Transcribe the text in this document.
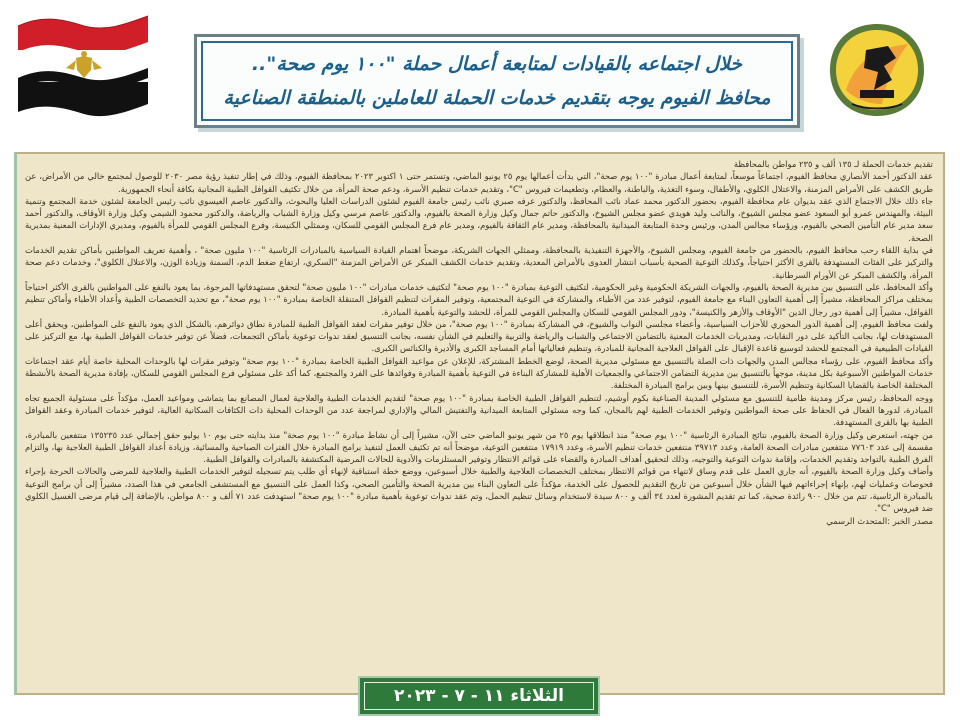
خلال اجتماعه بالقيادات لمتابعة أعمال حملة "١٠٠ يوم صحة"..
محافظ الفيوم يوجه بتقديم خدمات الحملة للعاملين بالمنطقة الصناعية

تقديم خدمات الحملة لـ ١٣٥ ألف و ٢٣٥ مواطن بالمحافظة

عقد الدكتور أحمد الأنصاري محافظ الفيوم، اجتماعاً موسعاً، لمتابعة أعمال مبادرة "١٠٠ يوم صحة"، التي بدأت أعمالها يوم ٢٥ يونيو الماضي، وتستمر حتى ١ اكتوبر ٢٠٢٣ بمحافظة الفيوم، وذلك في إطار تنفيذ رؤية مصر ٢٠٣٠ للوصول لمجتمع خالي من الأمراض، عن طريق الكشف على الأمراض المزمنة، والاعتلال الكلوي، والأطفال، وسوء التغذية، والباطنة، والعظام، وتطعيمات فيروس "C"، وتقديم خدمات تنظيم الأسرة، ودعم صحة المرأة، من خلال تكثيف القوافل الطبية المجانية بكافة أنحاء الجمهورية.

جاء ذلك خلال الاجتماع الذي عقد بديوان عام محافظة الفيوم، بحضور الدكتور محمد عماد نائب المحافظ، والدكتور عرفه صبري نائب رئيس جامعة الفيوم لشئون الدراسات العليا والبحوث، والدكتور عاصم العيسوي نائب رئيس الجامعة لشئون خدمة المجتمع وتنمية البيئة، والمهندس عمرو أبو السعود عضو مجلس الشيوخ، والنائب وليد هويدي عضو مجلس الشيوخ، والدكتور حاتم جمال وكيل وزارة الصحة بالفيوم، والدكتور عاصم مرسي وكيل وزارة الشباب والرياضة، والدكتور محمود الشيمي وكيل وزارة الأوقاف، والدكتور أحمد سعد مدير عام التأمين الصحي بالفيوم، ورؤساء مجالس المدن، ورئيس وحدة المتابعة الميدانية بالمحافظة، ومدير عام الثقافة بالفيوم، ومدير عام فرع المجلس القومي للسكان، وممثلي الكنيسة، وفرع المجلس القومي للمرأة بالفيوم، ومديري الإدارات المعنية بمديرية الصحة.

في بداية اللقاء رحب محافظ الفيوم، بالحضور من جامعة الفيوم، ومجلس الشيوخ، والأجهزة التنفيذية بالمحافظة، وممثلي الجهات الشريكة، موضحاً اهتمام القيادة السياسية بالمبادرات الرئاسية "١٠٠ مليون صحة" ، وأهمية تعريف المواطنين بأماكن تقديم الخدمات والتركيز على الفئات المستهدفة بالقرى الأكثر احتياجاً، وكذلك التوعية الصحية بأسباب انتشار العدوى بالأمراض المعدية، وتقديم خدمات الكشف المبكر عن الأمراض المزمنة "السكري، ارتفاع ضغط الدم، السمنة وزيادة الوزن، والاعتلال الكلوي"، وخدمات دعم صحة المرأة، والكشف المبكر عن الأورام السرطانية.

وأكد المحافظ، على التنسيق بين مديرية الصحة بالفيوم، والجهات الشريكة الحكومية وغير الحكومية، لتكثيف التوعية بمبادرة "١٠٠ يوم صحة" لتكثيف خدمات مبادرات "١٠٠ مليون صحة" لتحقق مستهدفاتها المرجوة، بما يعود بالنفع على المواطنين بالقرى الأكثر احتياجاً بمختلف مراكز المحافظة، مشيراً إلى أهمية التعاون البناء مع جامعة الفيوم، لتوفير عدد من الأطباء، والمشاركة في التوعية المجتمعية، وتوفير المقرات لتنظيم القوافل المتنقلة الخاصة بمبادرة "١٠٠ يوم صحة"، مع تحديد التخصصات الطبية وأعداد الأطباء وأماكن تنظيم القوافل، مشيراً إلى أهمية دور رجال الدين "الأوقاف والأزهر والكنيسة"، ودور المجلس القومي للسكان والمجلس القومي للمرأة، للحشد والتوعية بأهمية المبادرة.

ولفت محافظ الفيوم، إلى أهمية الدور المحوري للأحزاب السياسية، وأعضاء مجلسي النواب والشيوخ، في المشاركة بمبادرة "١٠٠ يوم صحة"، من خلال توفير مقرات لعقد القوافل الطبية للمبادرة نطاق دوائرهم، بالشكل الذي يعود بالنفع على المواطنين، ويحقق أعلى المستهدفات لها، بجانب التأكيد على دور النقابات، ومديريات الخدمات المعنية بالتضامن الاجتماعي والشباب والرياضة والتربية والتعليم في الشأن نفسه، بجانب التنسيق لعقد ندوات توعوية بأماكن التجمعات، فضلاً عن توفير خدمات القوافل الطبية بها، مع التركيز على القيادات الطبيعية في المجتمع للحشد لتوسيع قاعدة الإقبال على القوافل العلاجية المجانية للمبادرة، وتنظيم فعالياتها أمام المساجد الكبرى والأديرة والكنائس الكبرى.

وأكد محافظ الفيوم، على رؤساء مجالس المدن والجهات ذات الصلة بالتنسيق مع مسئولي مديرية الصحة، لوضع الخطط المشتركة، للإعلان عن مواعيد القوافل الطبية الخاصة بمبادرة "١٠٠ يوم صحة" وتوفير مقرات لها بالوحدات المحلية خاصة أيام عقد اجتماعات خدمات المواطنين الأسبوعية بكل مدينة، موجهاً بالتنسيق بين مديرية التضامن الاجتماعي والجمعيات الأهلية للمشاركة البناءة في التوعية بأهمية المبادرة وفوائدها على الفرد والمجتمع، كما أكد على مسئولي فرع المجلس القومي للسكان، بإفادة مديرية الصحة بالأنشطة المختلفة الخاصة بالقضايا السكانية وتنظيم الأسرة، للتنسيق بينها وبين برامج المبادرة المختلفة.

ووجه المحافظ، رئيس مركز ومدينة طامية للتنسيق مع مسئولي المدينة الصناعية بكوم أوشيم، لتنظيم القوافل الطبية الخاصة بمبادرة "١٠٠ يوم صحة" لتقديم الخدمات الطبية والعلاجية لعمال المصانع بما يتماشى ومواعيد العمل، مؤكداً على مسئولية الجميع تجاه المبادرة، لدورها الفعال في الحفاظ على صحة المواطنين وتوفير الخدمات الطبية لهم بالمجان، كما وجه مسئولي المتابعة الميدانية والتفتيش المالي والإداري لمراجعة عدد من الوحدات المحلية ذات الكثافات السكانية العالية، لتوفير خدمات المبادرة وعقد القوافل الطبية بها بالقرى المستهدفة.

من جهته، استعرض وكيل وزارة الصحة بالفيوم، نتائج المبادرة الرئاسية "١٠٠ يوم صحة" منذ انطلاقها يوم ٢٥ من شهر يونيو الماضي حتى الآن، مشيراً إلى أن نشاط مبادرة "١٠٠ يوم صحة" منذ بدايته حتى يوم ١٠ يوليو حقق إجمالي عدد ١٣٥٢٣٥ منتفعين بالمبادرة، مقسمة إلى عدد ٧٧٦٠٣ منتفعين مبادرات الصحة العامة، وعدد ٣٩٧١٣ منتفعين خدمات تنظيم الأسرة، وعدد ١٧٩١٩ منتفعين التوعية، موضحاً أنه تم تكثيف العمل لتنفيذ برامج المبادرة خلال الفترات الصباحية والمسائية، وزيادة أعداد القوافل الطبية العلاجية بها، والتزام الفرق الطبية بالتواجد وتقديم الخدمات، وإقامة ندوات التوعية والتوجيه، وذلك لتحقيق أهداف المبادرة والقضاء على قوائم الانتظار وتوفير المستلزمات والأدوية للحالات المرضية المكتشفة بالمبادرات والقوافل الطبية.

وأضاف وكيل وزارة الصحة بالفيوم، أنه جاري العمل على قدم وساق لانتهاء من قوائم الانتظار بمختلف التخصصات العلاجية والطبية خلال أسبوعين، ووضع خطة استباقية لإنهاء أي طلب يتم تسجيله لتوفير الخدمات الطبية والعلاجية للمرضى والحالات الحرجة بإجراء فحوصات وعمليات لهم، بإنهاء إجراءاتهم فيها الشأن خلال أسبوعين من تاريخ التقديم للحصول على الخدمة، مؤكداً على التعاون البناء بين مديرية الصحة والتأمين الصحي، وكذا العمل على التنسيق مع المستشفى الجامعي في هذا الصدد، مشيراً إلى أن برامج التوعية بالمبادرة الرئاسية، تتم من خلال ٩٠٠ رائدة صحية، كما تم تقديم المشورة لعدد ٣٤ ألف و ٨٠٠ سيدة لاستخدام وسائل تنظيم الحمل، وتم عقد ندوات توعوية بأهمية مبادرة "١٠٠ يوم صحة" استهدفت عدد ٧١ ألف و ٨٠٠ مواطن، بالإضافة إلى قيام مرضى الغسيل الكلوي ضد فيروس "C".

مصدر الخبر :المتحدث الرسمي

الثلاثاء ١١ - ٧ - ٢٠٢٣
